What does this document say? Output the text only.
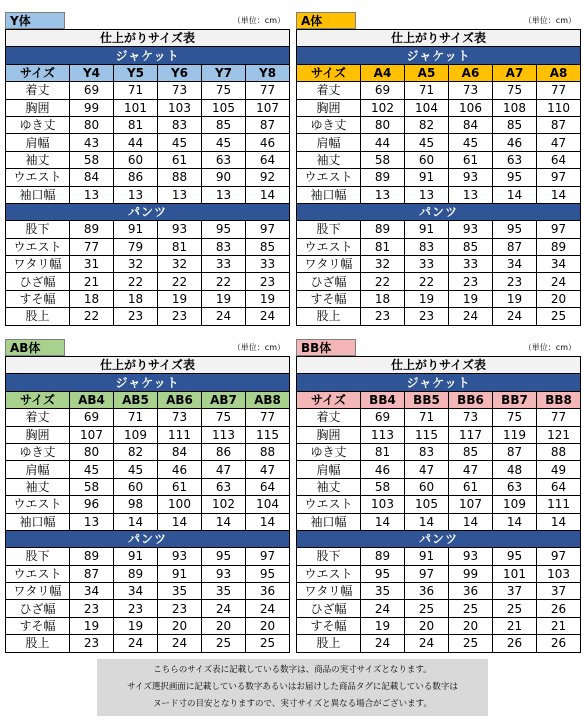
Y体	（単位：cm）
仕上がりサイズ表					
ジャケット					
サイズ	Y4	Y5	Y6	Y7	Y8
着丈	69	71	73	75	77
胸囲	99	101	103	105	107
ゆき丈	80	81	83	85	87
肩幅	43	44	45	45	46
袖丈	58	60	61	63	64
ウエスト	84	86	88	90	92
袖口幅	13	13	13	13	14
パンツ					
股下	89	91	93	95	97
ウエスト	77	79	81	83	85
ワタリ幅	31	32	32	33	33
ひざ幅	21	22	22	22	23
すそ幅	18	18	19	19	19
股上	22	23	23	24	24
A体	（単位：cm）
仕上がりサイズ表					
ジャケット					
サイズ	A4	A5	A6	A7	A8
着丈	69	71	73	75	77
胸囲	102	104	106	108	110
ゆき丈	80	82	84	85	87
肩幅	44	45	45	46	47
袖丈	58	60	61	63	64
ウエスト	89	91	93	95	97
袖口幅	13	13	13	14	14
パンツ					
股下	89	91	93	95	97
ウエスト	81	83	85	87	89
ワタリ幅	32	33	33	34	34
ひざ幅	22	22	23	23	24
すそ幅	18	19	19	19	20
股上	23	23	24	24	25
AB体	（単位：cm）
仕上がりサイズ表					
ジャケット					
サイズ	AB4	AB5	AB6	AB7	AB8
着丈	69	71	73	75	77
胸囲	107	109	111	113	115
ゆき丈	80	82	84	86	88
肩幅	45	45	46	47	47
袖丈	58	60	61	63	64
ウエスト	96	98	100	102	104
袖口幅	13	14	14	14	14
パンツ					
股下	89	91	93	95	97
ウエスト	87	89	91	93	95
ワタリ幅	34	34	35	35	36
ひざ幅	23	23	23	24	24
すそ幅	19	19	20	20	20
股上	23	24	24	25	25
BB体	（単位：cm）
仕上がりサイズ表					
ジャケット					
サイズ	BB4	BB5	BB6	BB7	BB8
着丈	69	71	73	75	77
胸囲	113	115	117	119	121
ゆき丈	81	83	85	87	88
肩幅	46	47	47	48	49
袖丈	58	60	61	63	64
ウエスト	103	105	107	109	111
袖口幅	14	14	14	14	14
パンツ					
股下	89	91	93	95	97
ウエスト	95	97	99	101	103
ワタリ幅	35	36	36	37	37
ひざ幅	24	25	25	25	26
すそ幅	19	20	20	21	21
股上	24	24	25	26	26
こちらのサイズ表に記載している数字は、商品の実寸サイズとなります。
サイズ選択画面に記載している数字あるいはお届けした商品タグに記載している数字は
ヌード寸の目安となりますので、実寸サイズと異なる場合がございます。
